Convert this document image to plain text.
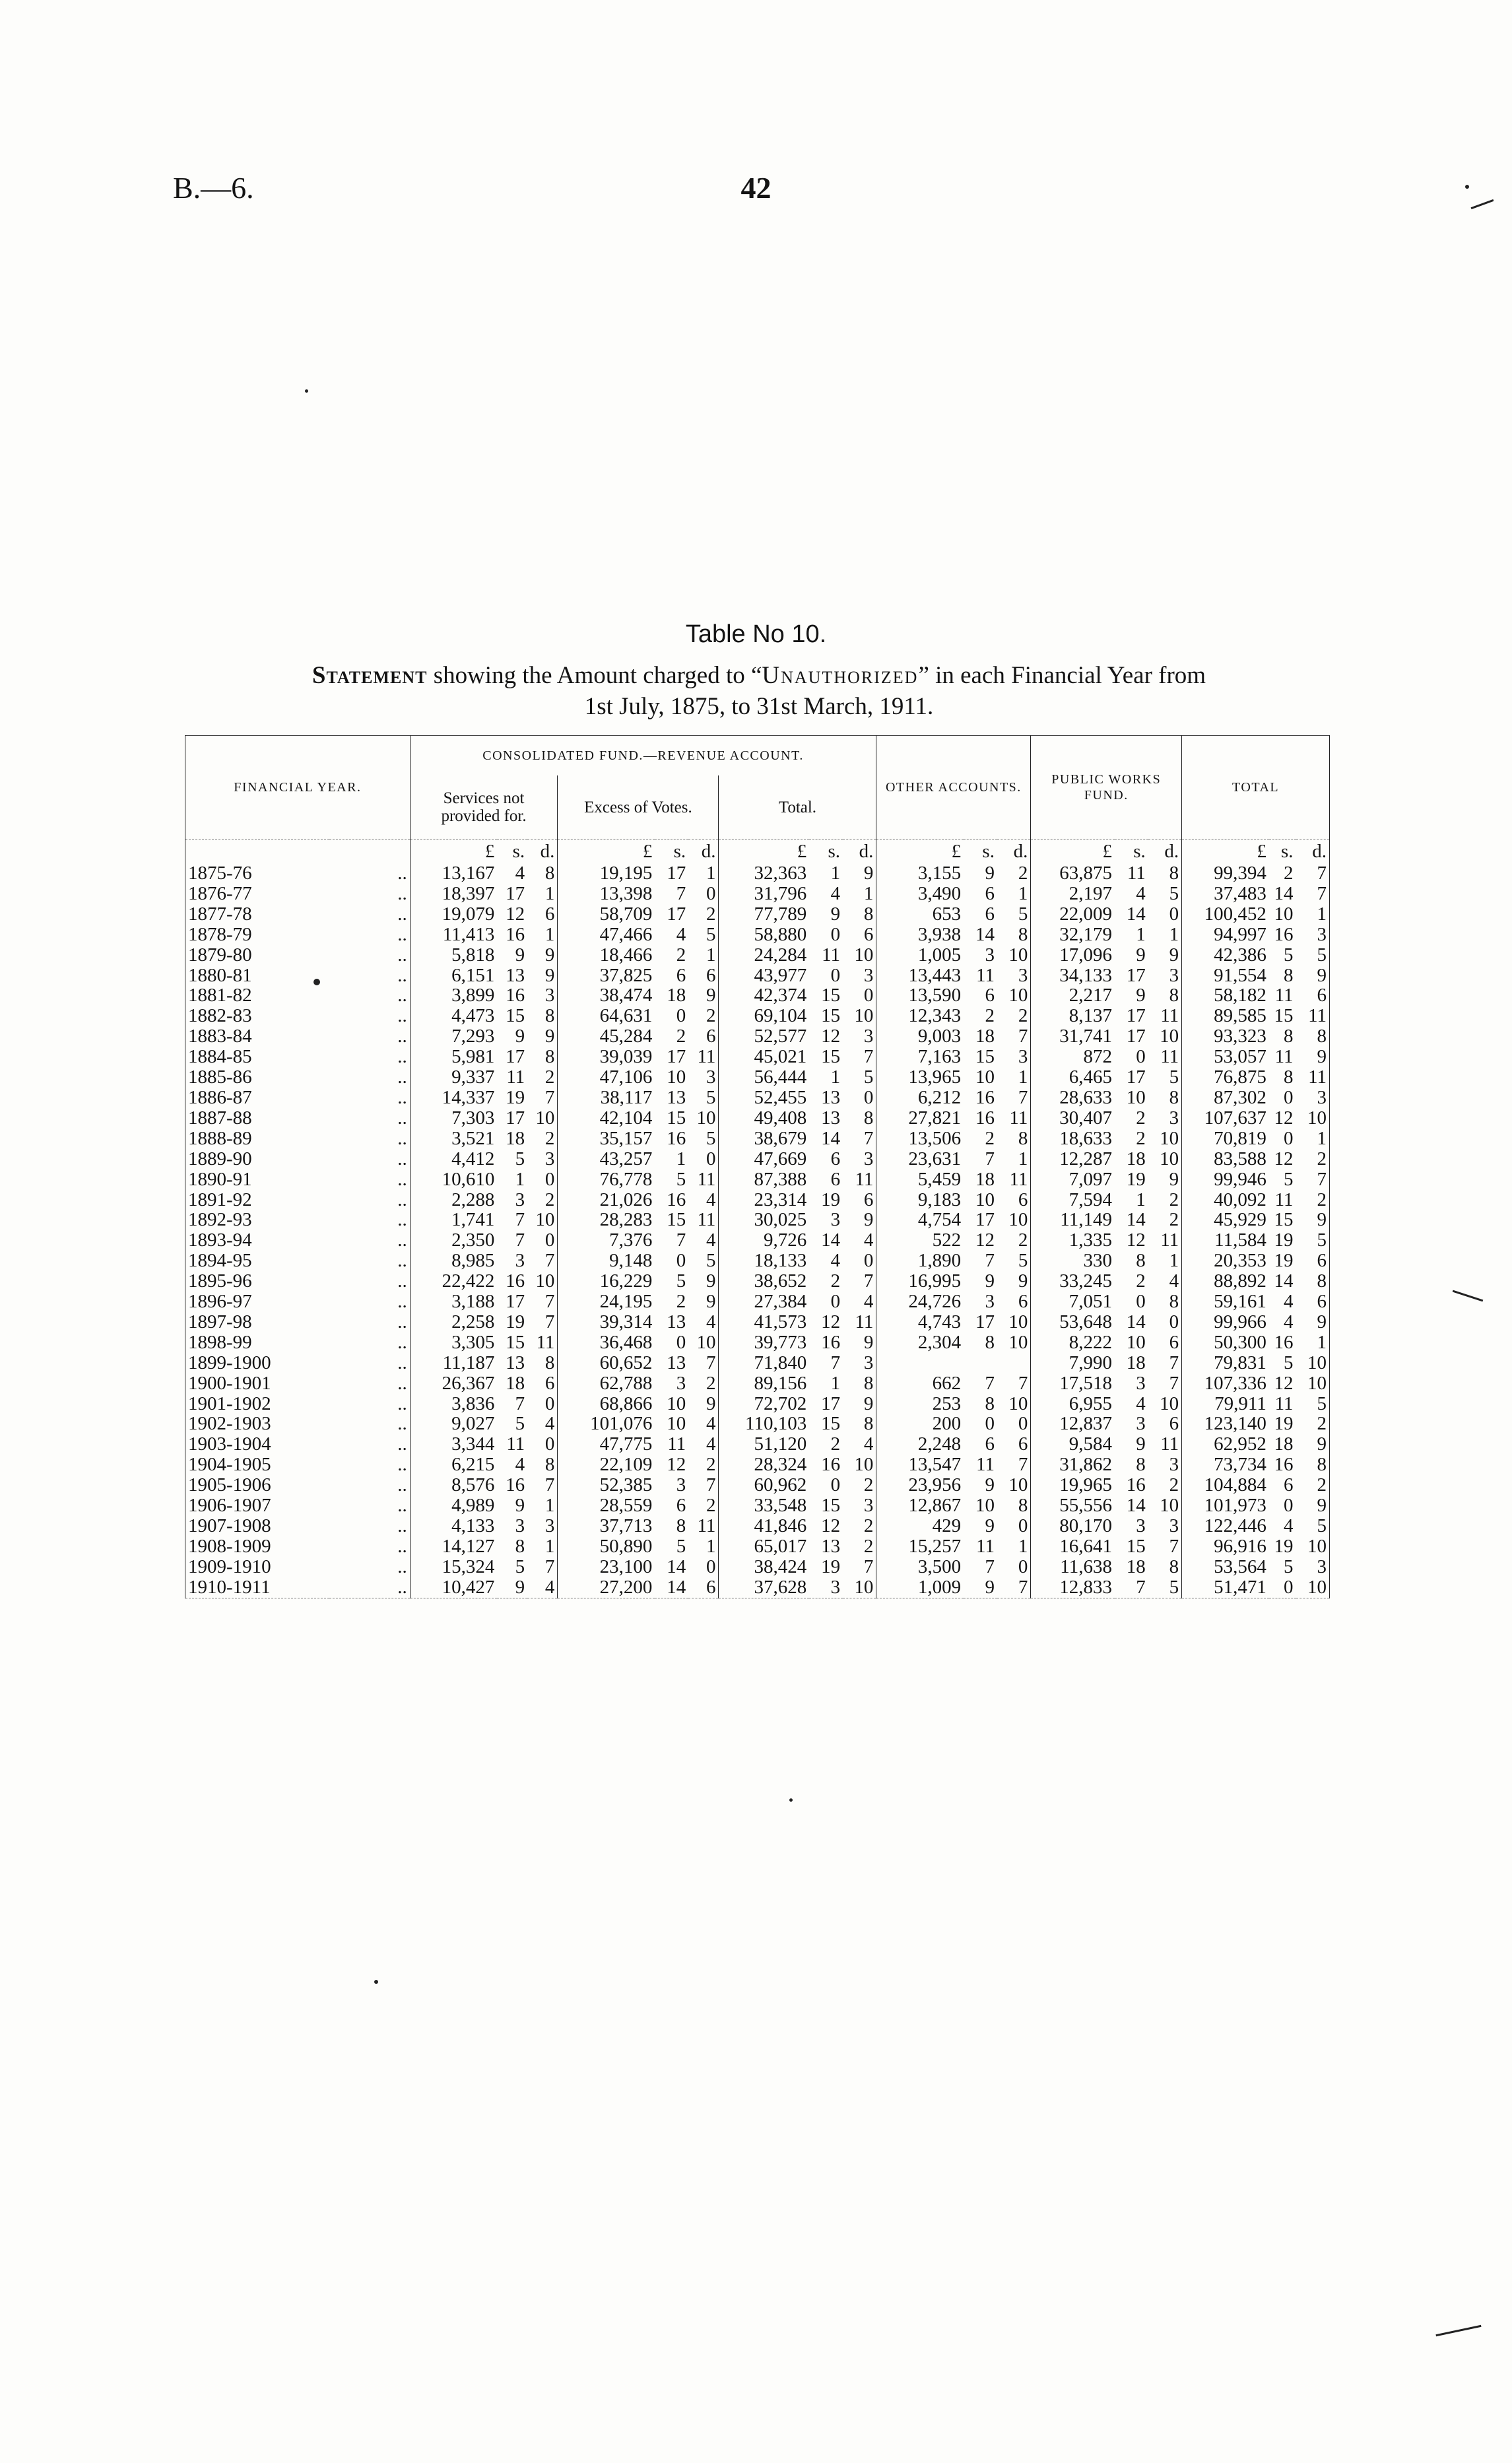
B.—6.	42
Table No 10.
Statement showing the Amount charged to “Unauthorized” in each Financial Year from
1st July, 1875, to 31st March, 1911.
FINANCIAL YEAR.		CONSOLIDATED FUND.—REVENUE ACCOUNT.									OTHER ACCOUNTS.			PUBLIC WORKS FUND.			TOTAL		
		Services not provided for.			Excess of Votes.			Total.											
		£	s.	d.	£	s.	d.	£	s.	d.	£	s.	d.	£	s.	d.	£	s.	d.
1875-76	..	13,167	4	8	19,195	17	1	32,363	1	9	3,155	9	2	63,875	11	8	99,394	2	7
1876-77	..	18,397	17	1	13,398	7	0	31,796	4	1	3,490	6	1	2,197	4	5	37,483	14	7
1877-78	..	19,079	12	6	58,709	17	2	77,789	9	8	653	6	5	22,009	14	0	100,452	10	1
1878-79	..	11,413	16	1	47,466	4	5	58,880	0	6	3,938	14	8	32,179	1	1	94,997	16	3
1879-80	..	5,818	9	9	18,466	2	1	24,284	11	10	1,005	3	10	17,096	9	9	42,386	5	5
1880-81	..	6,151	13	9	37,825	6	6	43,977	0	3	13,443	11	3	34,133	17	3	91,554	8	9
1881-82	..	3,899	16	3	38,474	18	9	42,374	15	0	13,590	6	10	2,217	9	8	58,182	11	6
1882-83	..	4,473	15	8	64,631	0	2	69,104	15	10	12,343	2	2	8,137	17	11	89,585	15	11
1883-84	..	7,293	9	9	45,284	2	6	52,577	12	3	9,003	18	7	31,741	17	10	93,323	8	8
1884-85	..	5,981	17	8	39,039	17	11	45,021	15	7	7,163	15	3	872	0	11	53,057	11	9
1885-86	..	9,337	11	2	47,106	10	3	56,444	1	5	13,965	10	1	6,465	17	5	76,875	8	11
1886-87	..	14,337	19	7	38,117	13	5	52,455	13	0	6,212	16	7	28,633	10	8	87,302	0	3
1887-88	..	7,303	17	10	42,104	15	10	49,408	13	8	27,821	16	11	30,407	2	3	107,637	12	10
1888-89	..	3,521	18	2	35,157	16	5	38,679	14	7	13,506	2	8	18,633	2	10	70,819	0	1
1889-90	..	4,412	5	3	43,257	1	0	47,669	6	3	23,631	7	1	12,287	18	10	83,588	12	2
1890-91	..	10,610	1	0	76,778	5	11	87,388	6	11	5,459	18	11	7,097	19	9	99,946	5	7
1891-92	..	2,288	3	2	21,026	16	4	23,314	19	6	9,183	10	6	7,594	1	2	40,092	11	2
1892-93	..	1,741	7	10	28,283	15	11	30,025	3	9	4,754	17	10	11,149	14	2	45,929	15	9
1893-94	..	2,350	7	0	7,376	7	4	9,726	14	4	522	12	2	1,335	12	11	11,584	19	5
1894-95	..	8,985	3	7	9,148	0	5	18,133	4	0	1,890	7	5	330	8	1	20,353	19	6
1895-96	..	22,422	16	10	16,229	5	9	38,652	2	7	16,995	9	9	33,245	2	4	88,892	14	8
1896-97	..	3,188	17	7	24,195	2	9	27,384	0	4	24,726	3	6	7,051	0	8	59,161	4	6
1897-98	..	2,258	19	7	39,314	13	4	41,573	12	11	4,743	17	10	53,648	14	0	99,966	4	9
1898-99	..	3,305	15	11	36,468	0	10	39,773	16	9	2,304	8	10	8,222	10	6	50,300	16	1
1899-1900	..	11,187	13	8	60,652	13	7	71,840	7	3				7,990	18	7	79,831	5	10
1900-1901	..	26,367	18	6	62,788	3	2	89,156	1	8	662	7	7	17,518	3	7	107,336	12	10
1901-1902	..	3,836	7	0	68,866	10	9	72,702	17	9	253	8	10	6,955	4	10	79,911	11	5
1902-1903	..	9,027	5	4	101,076	10	4	110,103	15	8	200	0	0	12,837	3	6	123,140	19	2
1903-1904	..	3,344	11	0	47,775	11	4	51,120	2	4	2,248	6	6	9,584	9	11	62,952	18	9
1904-1905	..	6,215	4	8	22,109	12	2	28,324	16	10	13,547	11	7	31,862	8	3	73,734	16	8
1905-1906	..	8,576	16	7	52,385	3	7	60,962	0	2	23,956	9	10	19,965	16	2	104,884	6	2
1906-1907	..	4,989	9	1	28,559	6	2	33,548	15	3	12,867	10	8	55,556	14	10	101,973	0	9
1907-1908	..	4,133	3	3	37,713	8	11	41,846	12	2	429	9	0	80,170	3	3	122,446	4	5
1908-1909	..	14,127	8	1	50,890	5	1	65,017	13	2	15,257	11	1	16,641	15	7	96,916	19	10
1909-1910	..	15,324	5	7	23,100	14	0	38,424	19	7	3,500	7	0	11,638	18	8	53,564	5	3
1910-1911	..	10,427	9	4	27,200	14	6	37,628	3	10	1,009	9	7	12,833	7	5	51,471	0	10
